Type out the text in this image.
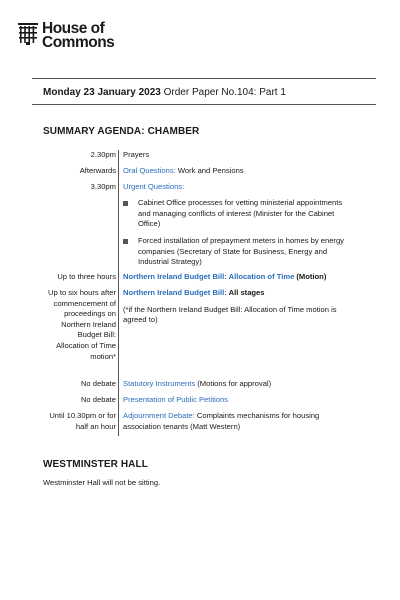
House of
Commons
Monday 23 January 2023 Order Paper No.104: Part 1
SUMMARY AGENDA: CHAMBER
2.30pm Prayers
Afterwards Oral Questions: Work and Pensions
3.30pm Urgent Questions:
Cabinet Office processes for vetting ministerial appointments and managing conflicts of interest (Minister for the Cabinet Office)
Forced installation of prepayment meters in homes by energy companies (Secretary of State for Business, Energy and Industrial Strategy)
Up to three hours Northern Ireland Budget Bill: Allocation of Time (Motion)
Up to six hours after commencement of proceedings on Northern Ireland Budget Bill: Allocation of Time motion*
Northern Ireland Budget Bill: All stages
(*if the Northern Ireland Budget Bill: Allocation of Time motion is agreed to)
No debate Statutory Instruments (Motions for approval)
No debate Presentation of Public Petitions
Until 10.30pm or for half an hour
Adjournment Debate: Complaints mechanisms for housing association tenants (Matt Western)
WESTMINSTER HALL
Westminster Hall will not be sitting.
